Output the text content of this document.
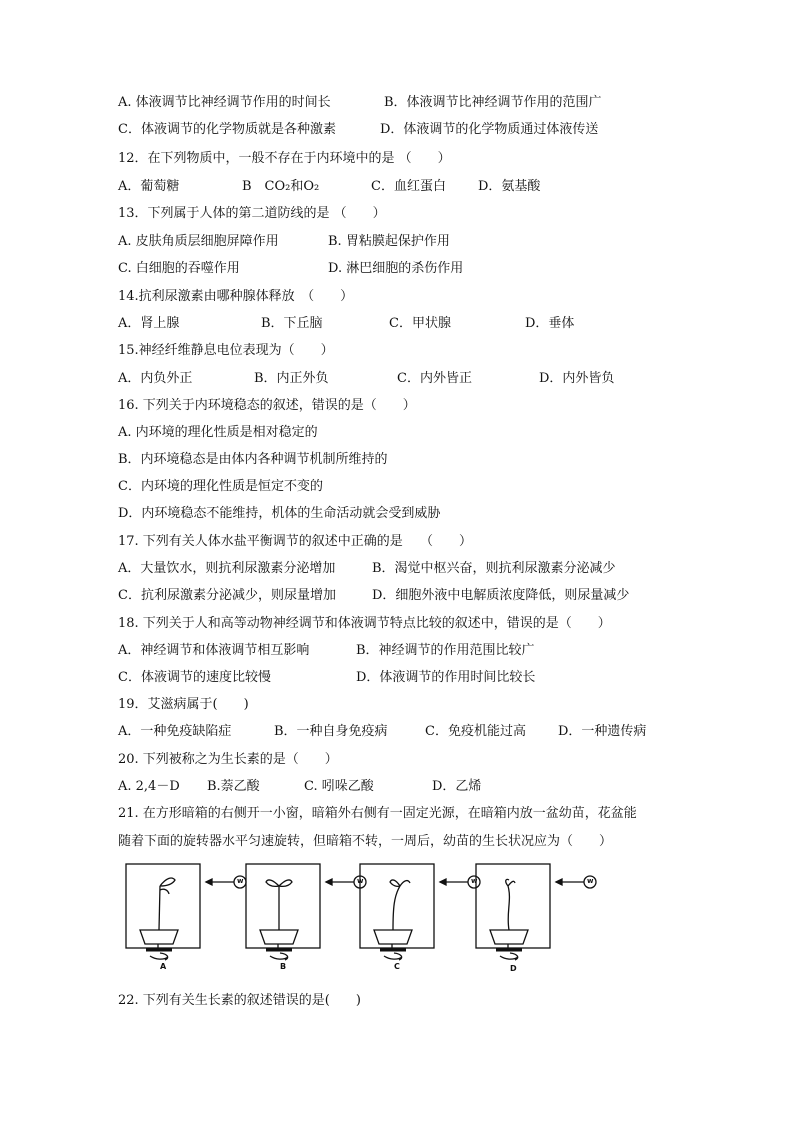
A. 体液调节比神经调节作用的时间长	B．体液调节比神经调节作用的范围广
C．体液调节的化学物质就是各种激素	D．体液调节的化学物质通过体液传送
12．在下列物质中，一般不存在于内环境中的是 （　　）
A．葡萄糖	B　CO₂和O₂	C．血红蛋白 D．氨基酸
13．下列属于人体的第二道防线的是 （　　）
A. 皮肤角质层细胞屏障作用	B. 胃粘膜起保护作用
C. 白细胞的吞噬作用	D. 淋巴细胞的杀伤作用
14.抗利尿激素由哪种腺体释放　（　　）
A．肾上腺	B．下丘脑	C．甲状腺	D．垂体
15.神经纤维静息电位表现为（　　）
A．内负外正	B．内正外负	C．内外皆正	D．内外皆负
16. 下列关于内环境稳态的叙述，错误的是（　　）
A. 内环境的理化性质是相对稳定的
B．内环境稳态是由体内各种调节机制所维持的
C．内环境的理化性质是恒定不变的
D．内环境稳态不能维持，机体的生命活动就会受到威胁
17. 下列有关人体水盐平衡调节的叙述中正确的是　 （　　）
A．大量饮水，则抗利尿激素分泌增加	B．渴觉中枢兴奋，则抗利尿激素分泌减少
C．抗利尿激素分泌减少，则尿量增加	D．细胞外液中电解质浓度降低，则尿量减少
18. 下列关于人和高等动物神经调节和体液调节特点比较的叙述中，错误的是（　　）
A．神经调节和体液调节相互影响	B．神经调节的作用范围比较广
C．体液调节的速度比较慢	D．体液调节的作用时间比较长
19．艾滋病属于(　　)
A．一种免疫缺陷症	B．一种自身免疫病	C．免疫机能过高 D．一种遗传病
20. 下列被称之为生长素的是（　　）
A. 2,4－D B.萘乙酸	C. 吲哚乙酸	D．乙烯
21. 在方形暗箱的右侧开一小窗，暗箱外右侧有一固定光源，在暗箱内放一盆幼苗，花盆能
随着下面的旋转器水平匀速旋转，但暗箱不转，一周后，幼苗的生长状况应为（　　）
22. 下列有关生长素的叙述错误的是(　　)
A	B	C	D
w	w	w	w
